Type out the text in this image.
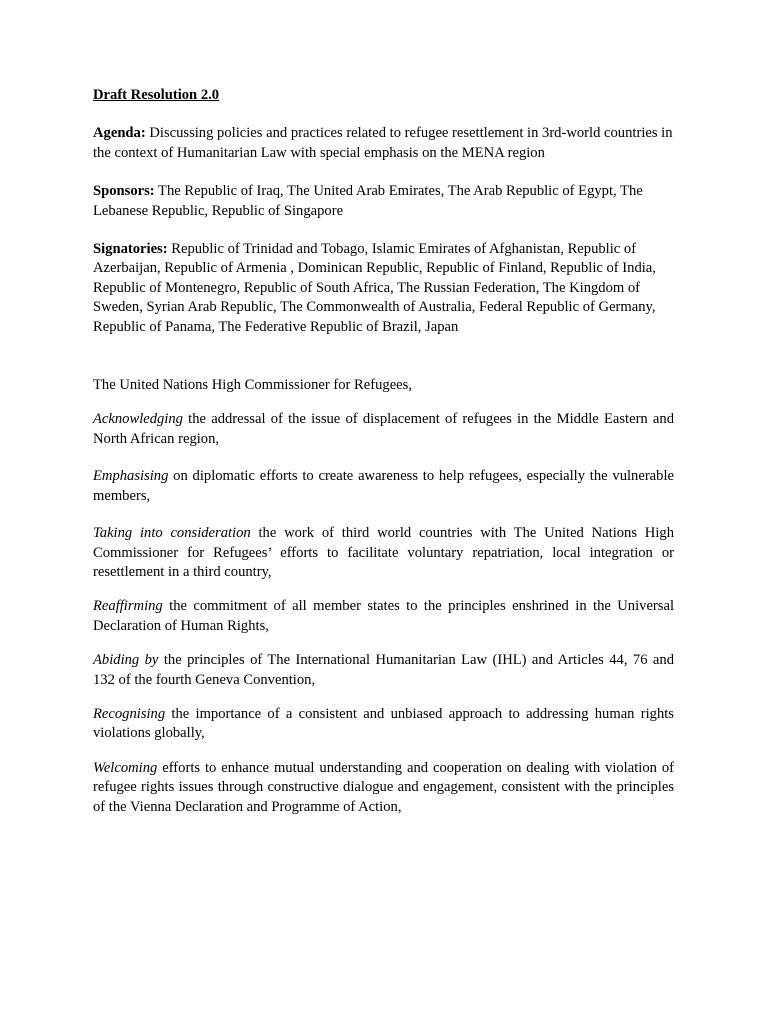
Draft Resolution 2.0

Agenda: Discussing policies and practices related to refugee resettlement in 3rd-world countries in the context of Humanitarian Law with special emphasis on the MENA region

Sponsors: The Republic of Iraq, The United Arab Emirates, The Arab Republic of Egypt, The Lebanese Republic, Republic of Singapore

Signatories: Republic of Trinidad and Tobago, Islamic Emirates of Afghanistan, Republic of Azerbaijan, Republic of Armenia , Dominican Republic, Republic of Finland, Republic of India, Republic of Montenegro, Republic of South Africa, The Russian Federation, The Kingdom of Sweden, Syrian Arab Republic, The Commonwealth of Australia, Federal Republic of Germany, Republic of Panama, The Federative Republic of Brazil, Japan

The United Nations High Commissioner for Refugees,

Acknowledging the addressal of the issue of displacement of refugees in the Middle Eastern and North African region,

Emphasising on diplomatic efforts to create awareness to help refugees, especially the vulnerable members,

Taking into consideration the work of third world countries with The United Nations High Commissioner for Refugees’ efforts to facilitate voluntary repatriation, local integration or resettlement in a third country,

Reaffirming the commitment of all member states to the principles enshrined in the Universal Declaration of Human Rights,

Abiding by the principles of The International Humanitarian Law (IHL) and Articles 44, 76 and 132 of the fourth Geneva Convention,

Recognising the importance of a consistent and unbiased approach to addressing human rights violations globally,

Welcoming efforts to enhance mutual understanding and cooperation on dealing with violation of refugee rights issues through constructive dialogue and engagement, consistent with the principles of the Vienna Declaration and Programme of Action,
